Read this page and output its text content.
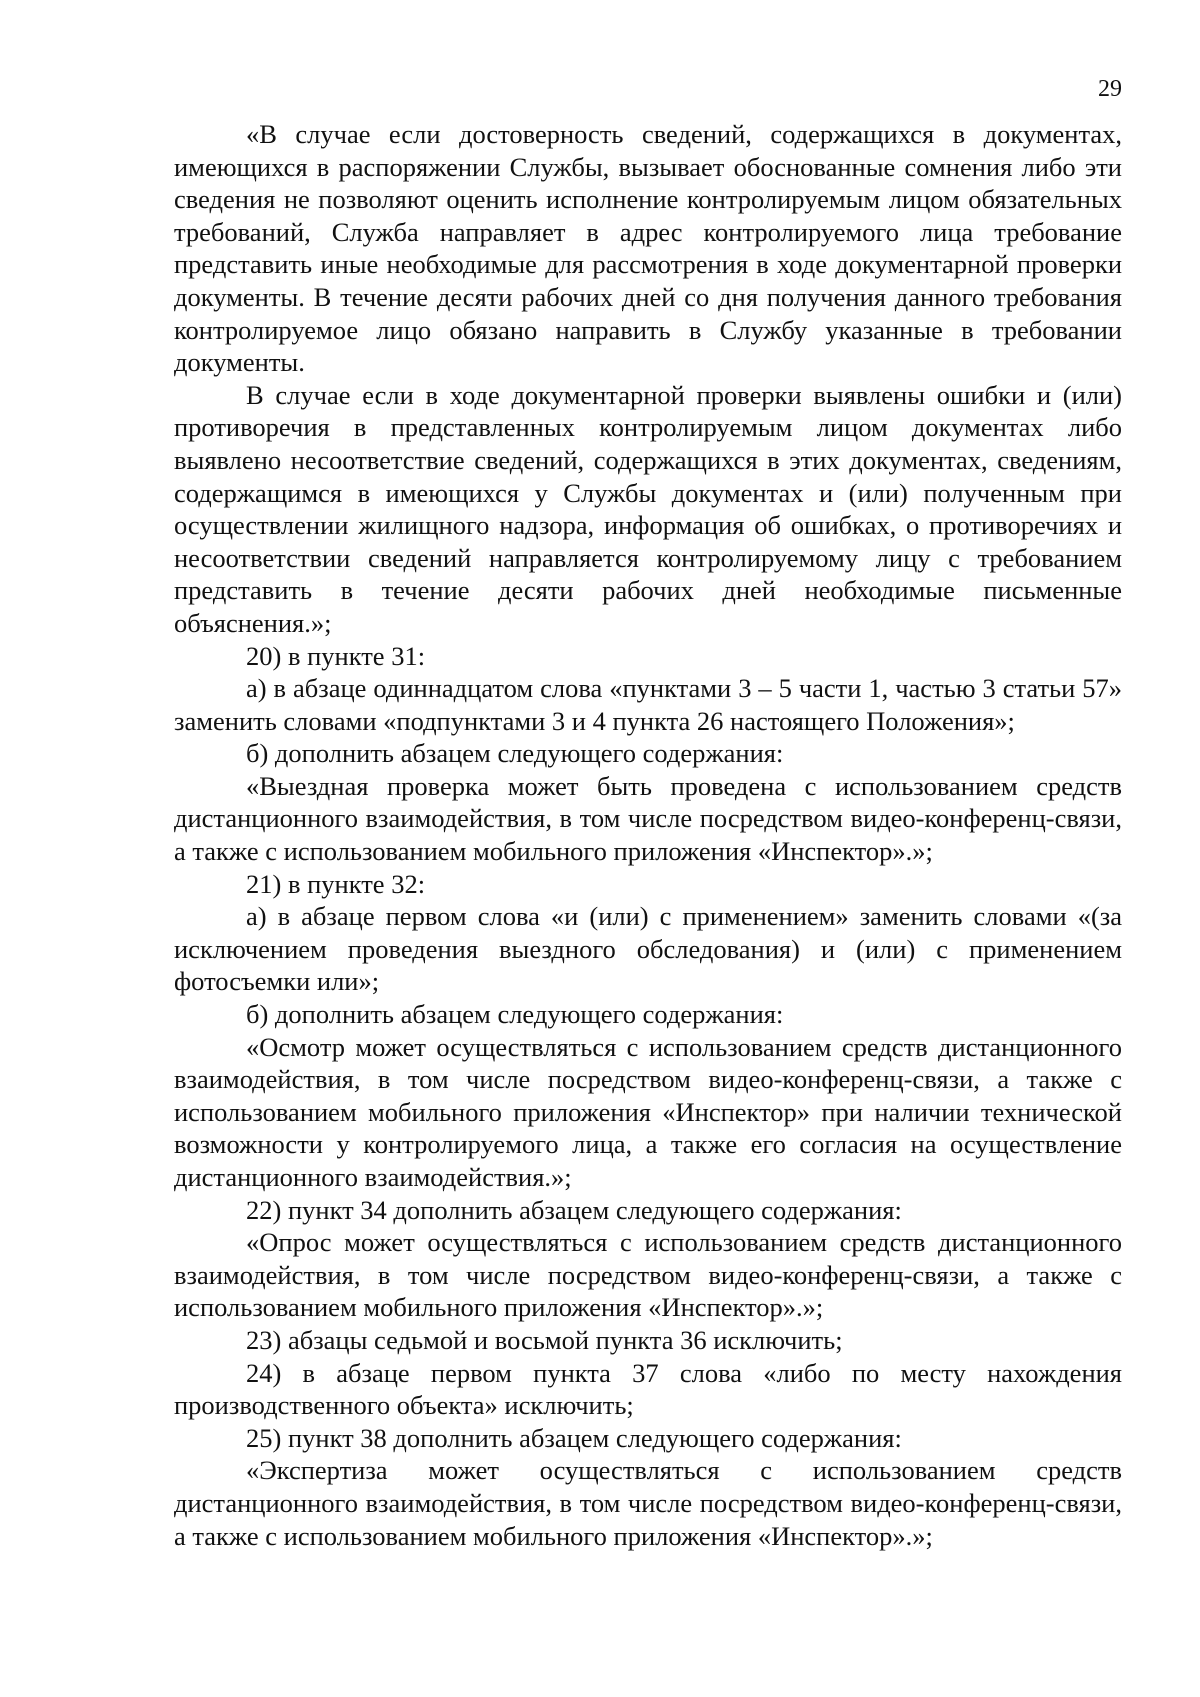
29

«В случае если достоверность сведений, содержащихся в документах, имеющихся в распоряжении Службы, вызывает обоснованные сомнения либо эти сведения не позволяют оценить исполнение контролируемым лицом обязательных требований, Служба направляет в адрес контролируемого лица требование представить иные необходимые для рассмотрения в ходе документарной проверки документы. В течение десяти рабочих дней со дня получения данного требования контролируемое лицо обязано направить в Службу указанные в требовании документы.

В случае если в ходе документарной проверки выявлены ошибки и (или) противоречия в представленных контролируемым лицом документах либо выявлено несоответствие сведений, содержащихся в этих документах, сведениям, содержащимся в имеющихся у Службы документах и (или) полученным при осуществлении жилищного надзора, информация об ошибках, о противоречиях и несоответствии сведений направляется контролируемому лицу с требованием представить в течение десяти рабочих дней необходимые письменные объяснения.»;

20) в пункте 31:

а) в абзаце одиннадцатом слова «пунктами 3 – 5 части 1, частью 3 статьи 57» заменить словами «подпунктами 3 и 4 пункта 26 настоящего Положения»;

б) дополнить абзацем следующего содержания:

«Выездная проверка может быть проведена с использованием средств дистанционного взаимодействия, в том числе посредством видео-конференц-связи, а также с использованием мобильного приложения «Инспектор».»;

21) в пункте 32:

а) в абзаце первом слова «и (или) с применением» заменить словами «(за исключением проведения выездного обследования) и (или) с применением фотосъемки или»;

б) дополнить абзацем следующего содержания:

«Осмотр может осуществляться с использованием средств дистанционного взаимодействия, в том числе посредством видео-конференц-связи, а также с использованием мобильного приложения «Инспектор» при наличии технической возможности у контролируемого лица, а также его согласия на осуществление дистанционного взаимодействия.»;

22) пункт 34 дополнить абзацем следующего содержания:

«Опрос может осуществляться с использованием средств дистанционного взаимодействия, в том числе посредством видео-конференц-связи, а также с использованием мобильного приложения «Инспектор».»;

23) абзацы седьмой и восьмой пункта 36 исключить;

24) в абзаце первом пункта 37 слова «либо по месту нахождения производственного объекта» исключить;

25) пункт 38 дополнить абзацем следующего содержания:

«Экспертиза может осуществляться с использованием средств дистанционного взаимодействия, в том числе посредством видео-конференц-связи, а также с использованием мобильного приложения «Инспектор».»;
